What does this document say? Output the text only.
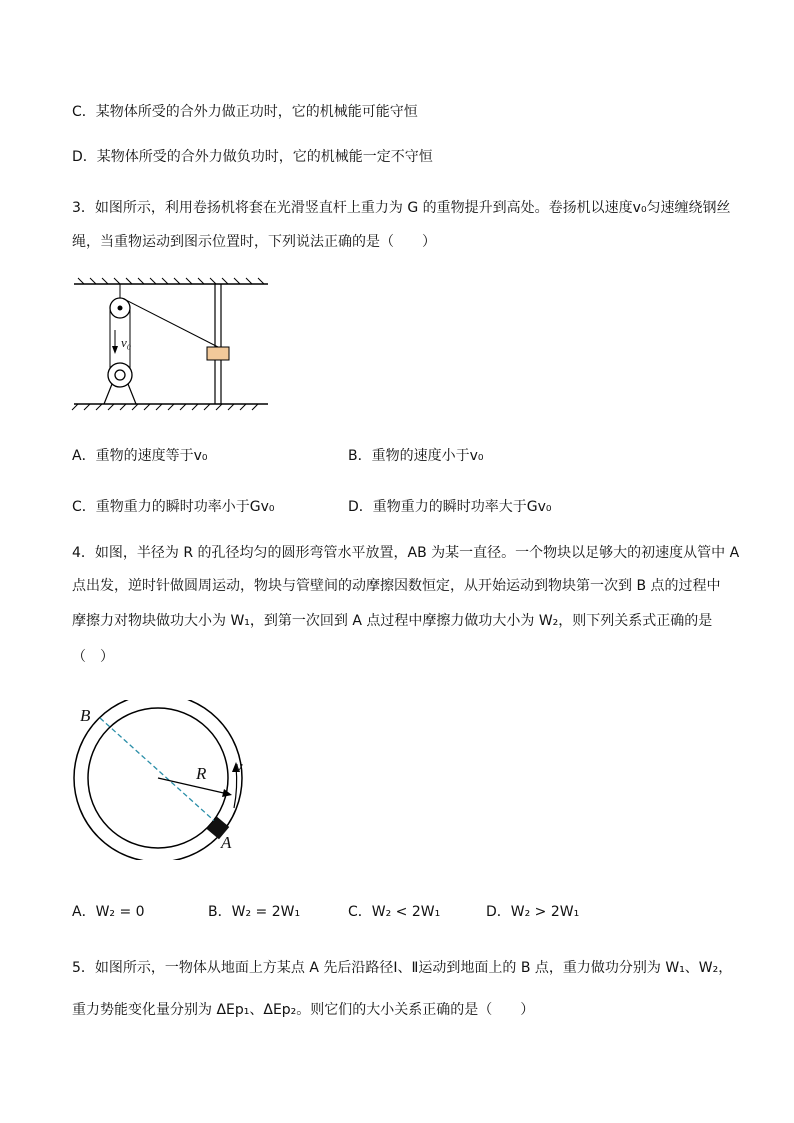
C．某物体所受的合外力做正功时，它的机械能可能守恒
D．某物体所受的合外力做负功时，它的机械能一定不守恒
3．如图所示，利用卷扬机将套在光滑竖直杆上重力为 G 的重物提升到高处。卷扬机以速度v₀匀速缠绕钢丝
绳，当重物运动到图示位置时，下列说法正确的是（　　）
v₀
A．重物的速度等于v₀	B．重物的速度小于v₀
C．重物重力的瞬时功率小于Gv₀	D．重物重力的瞬时功率大于Gv₀
4．如图，半径为 R 的孔径均匀的圆形弯管水平放置，AB 为某一直径。一个物块以足够大的初速度从管中 A
点出发，逆时针做圆周运动，物块与管壁间的动摩擦因数恒定，从开始运动到物块第一次到 B 点的过程中
摩擦力对物块做功大小为 W₁，到第一次回到 A 点过程中摩擦力做功大小为 W₂，则下列关系式正确的是
（　）
B
R v
A
A．W₂ = 0	B．W₂ = 2W₁	C．W₂ < 2W₁	D．W₂ > 2W₁
5．如图所示，一物体从地面上方某点 A 先后沿路径Ⅰ、Ⅱ运动到地面上的 B 点，重力做功分别为 W₁、W₂，
重力势能变化量分别为 ΔEp₁、ΔEp₂。则它们的大小关系正确的是（　　）
